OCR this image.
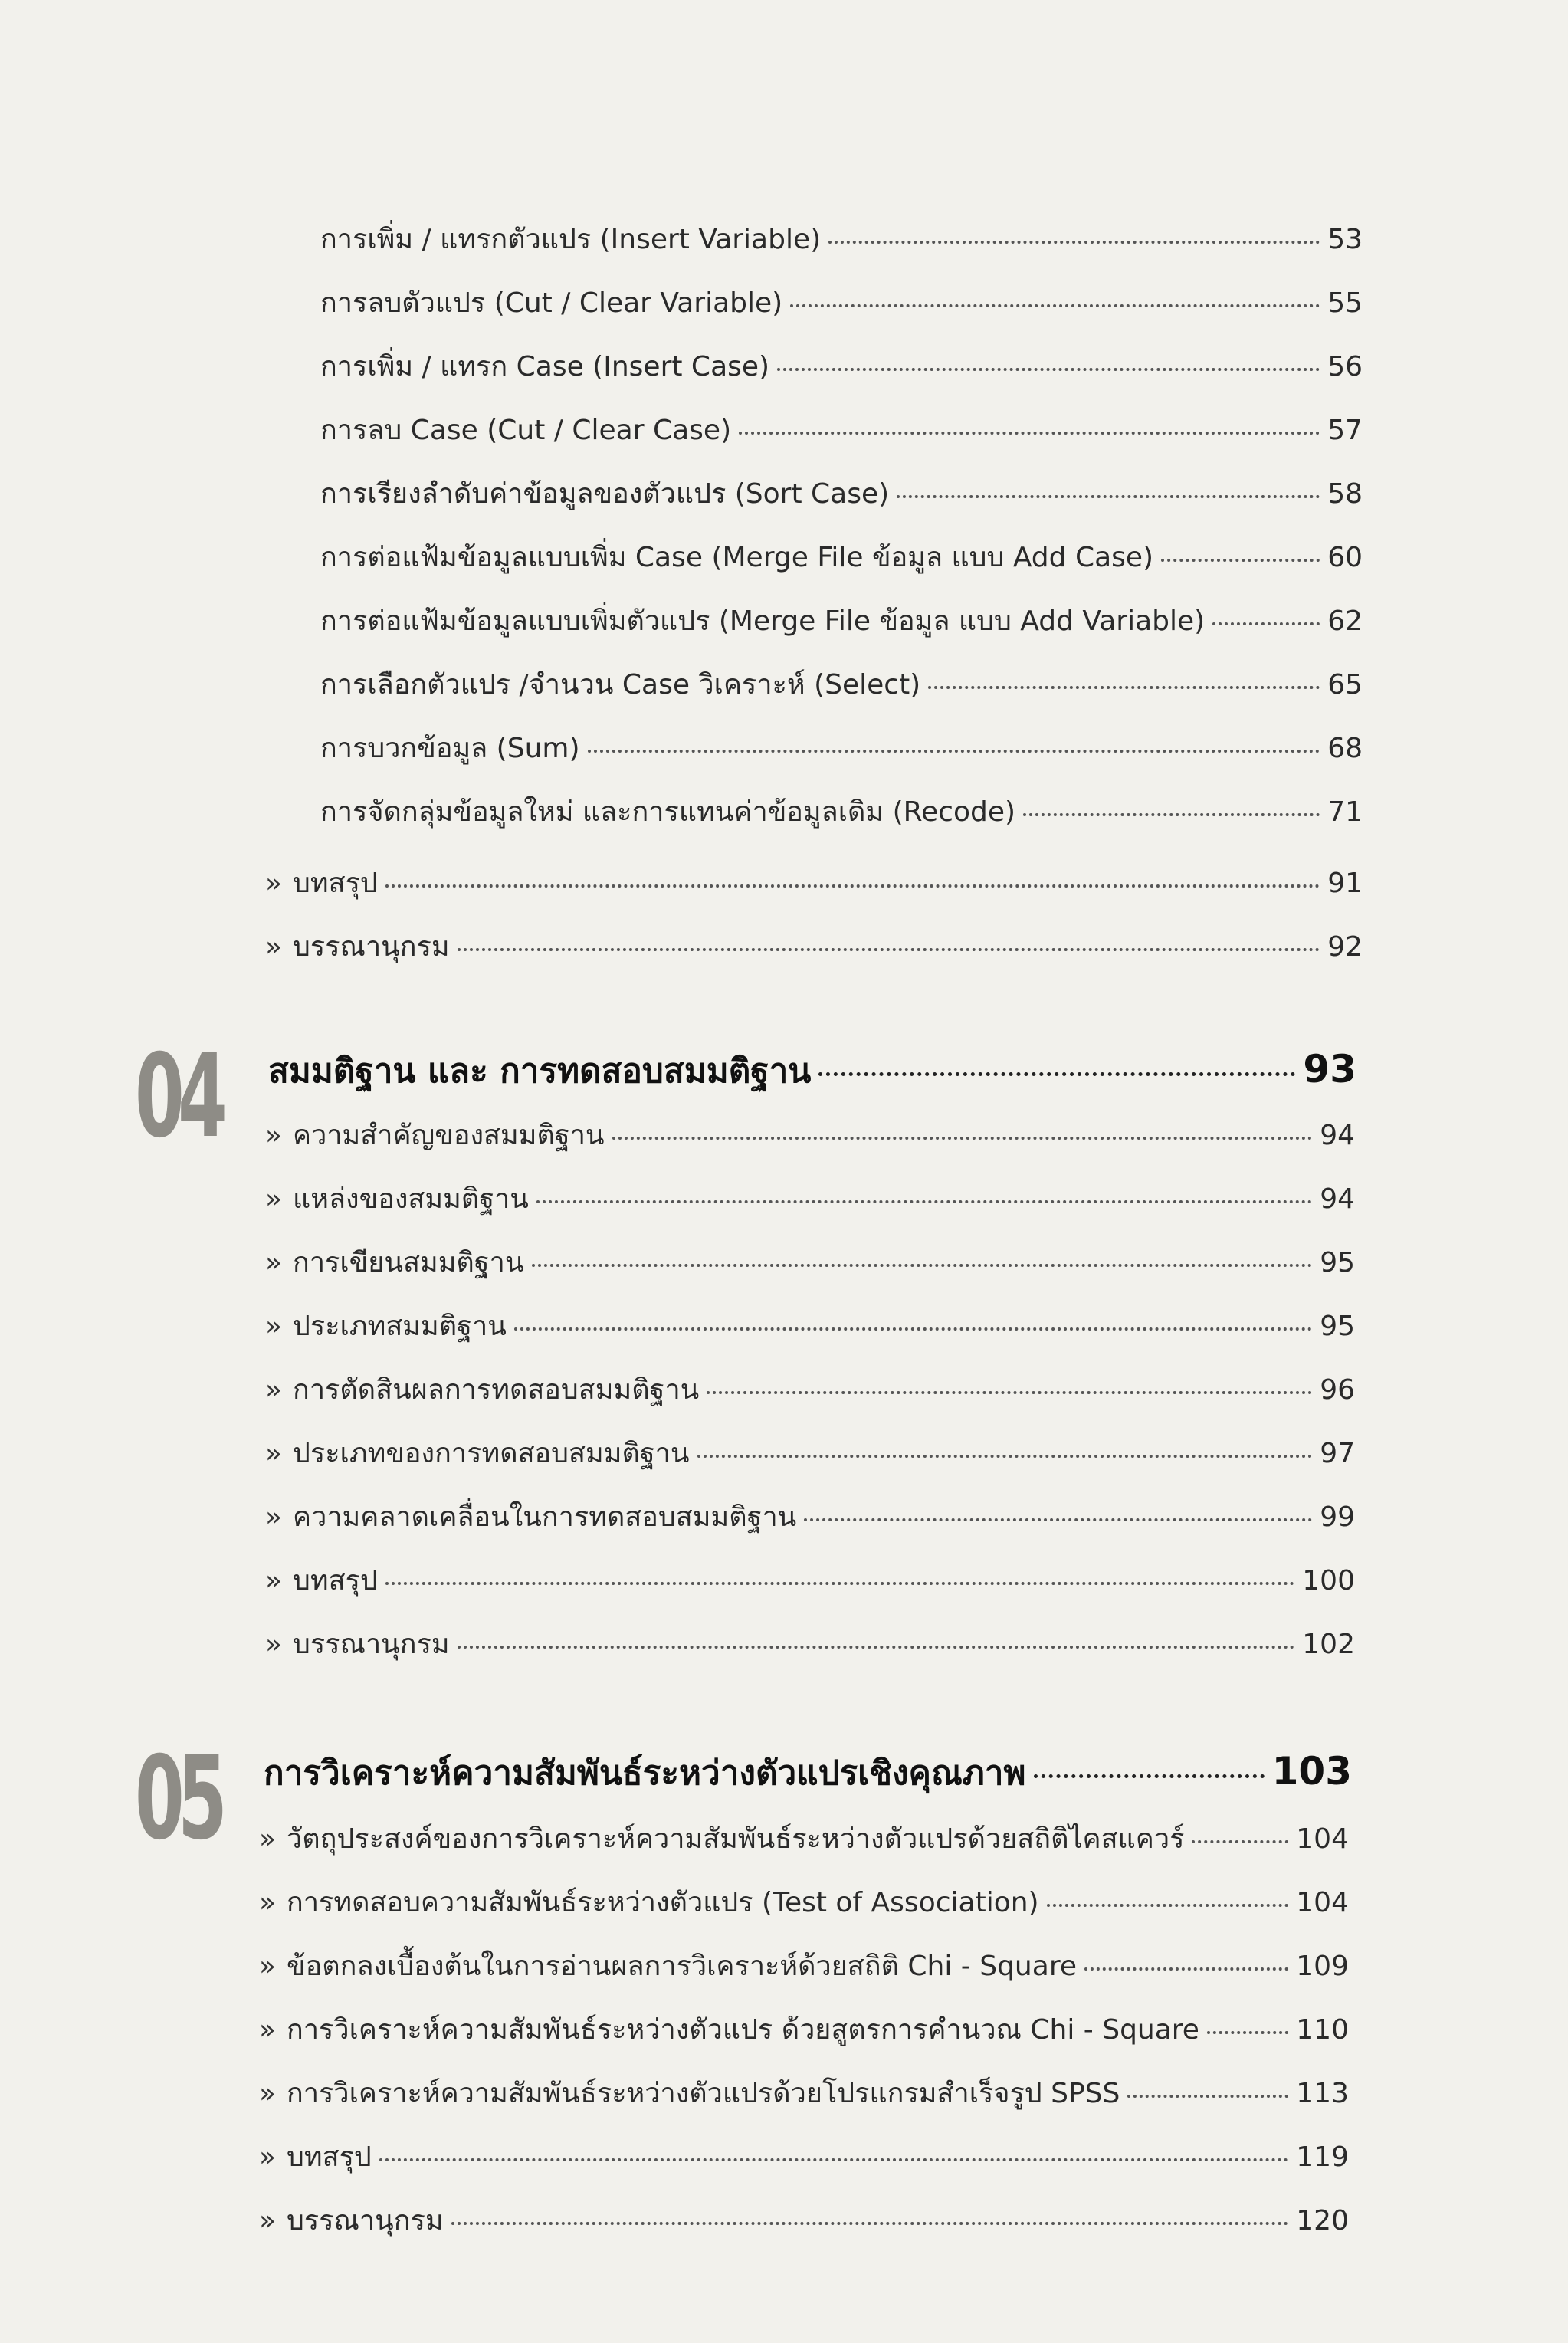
การเพิ่ม / แทรกตัวแปร (Insert Variable)	53
การลบตัวแปร (Cut / Clear Variable)	55
การเพิ่ม / แทรก Case (Insert Case)	56
การลบ Case (Cut / Clear Case)	57
การเรียงลำดับค่าข้อมูลของตัวแปร (Sort Case)	58
การต่อแฟ้มข้อมูลแบบเพิ่ม Case (Merge File ข้อมูล แบบ Add Case)	60
การต่อแฟ้มข้อมูลแบบเพิ่มตัวแปร (Merge File ข้อมูล แบบ Add Variable)	62
การเลือกตัวแปร /จำนวน Case วิเคราะห์ (Select)	65
การบวกข้อมูล (Sum)	68
การจัดกลุ่มข้อมูลใหม่ และการแทนค่าข้อมูลเดิม (Recode)	71
» บทสรุป	91
» บรรณานุกรม	92
04 สมมติฐาน และ การทดสอบสมมติฐาน	93
» ความสำคัญของสมมติฐาน	94
» แหล่งของสมมติฐาน	94
» การเขียนสมมติฐาน	95
» ประเภทสมมติฐาน	95
» การตัดสินผลการทดสอบสมมติฐาน	96
» ประเภทของการทดสอบสมมติฐาน	97
» ความคลาดเคลื่อนในการทดสอบสมมติฐาน	99
» บทสรุป	100
» บรรณานุกรม	102
05 การวิเคราะห์ความสัมพันธ์ระหว่างตัวแปรเชิงคุณภาพ	103
» วัตถุประสงค์ของการวิเคราะห์ความสัมพันธ์ระหว่างตัวแปรด้วยสถิติไคสแควร์	104
» การทดสอบความสัมพันธ์ระหว่างตัวแปร (Test of Association)	104
» ข้อตกลงเบื้องต้นในการอ่านผลการวิเคราะห์ด้วยสถิติ Chi - Square	109
» การวิเคราะห์ความสัมพันธ์ระหว่างตัวแปร ด้วยสูตรการคำนวณ Chi - Square	110
» การวิเคราะห์ความสัมพันธ์ระหว่างตัวแปรด้วยโปรแกรมสำเร็จรูป SPSS	113
» บทสรุป	119
» บรรณานุกรม	120
